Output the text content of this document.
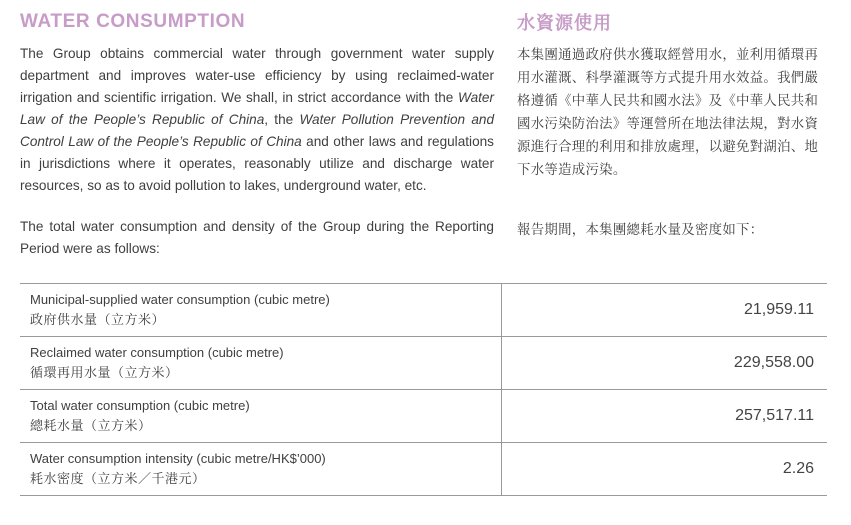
WATER CONSUMPTION	水資源使用

The Group obtains commercial water through government water supply department and improves water-use efficiency by using reclaimed-water irrigation and scientific irrigation. We shall, in strict accordance with the Water Law of the People’s Republic of China, the Water Pollution Prevention and Control Law of the People’s Republic of China and other laws and regulations in jurisdictions where it operates, reasonably utilize and discharge water resources, so as to avoid pollution to lakes, underground water, etc.

本集團通過政府供水獲取經營用水，並利用循環再用水灌溉、科學灌溉等方式提升用水效益。我們嚴格遵循《中華人民共和國水法》及《中華人民共和國水污染防治法》等運營所在地法律法規，對水資源進行合理的利用和排放處理，以避免對湖泊、地下水等造成污染。

The total water consumption and density of the Group during the Reporting Period were as follows:

報告期間，本集團總耗水量及密度如下：

Municipal-supplied water consumption (cubic metre)
政府供水量（立方米）	21,959.11

Reclaimed water consumption (cubic metre)
循環再用水量（立方米）	229,558.00

Total water consumption (cubic metre)
總耗水量（立方米）	257,517.11

Water consumption intensity (cubic metre/HK$’000)
耗水密度（立方米／千港元）	2.26
